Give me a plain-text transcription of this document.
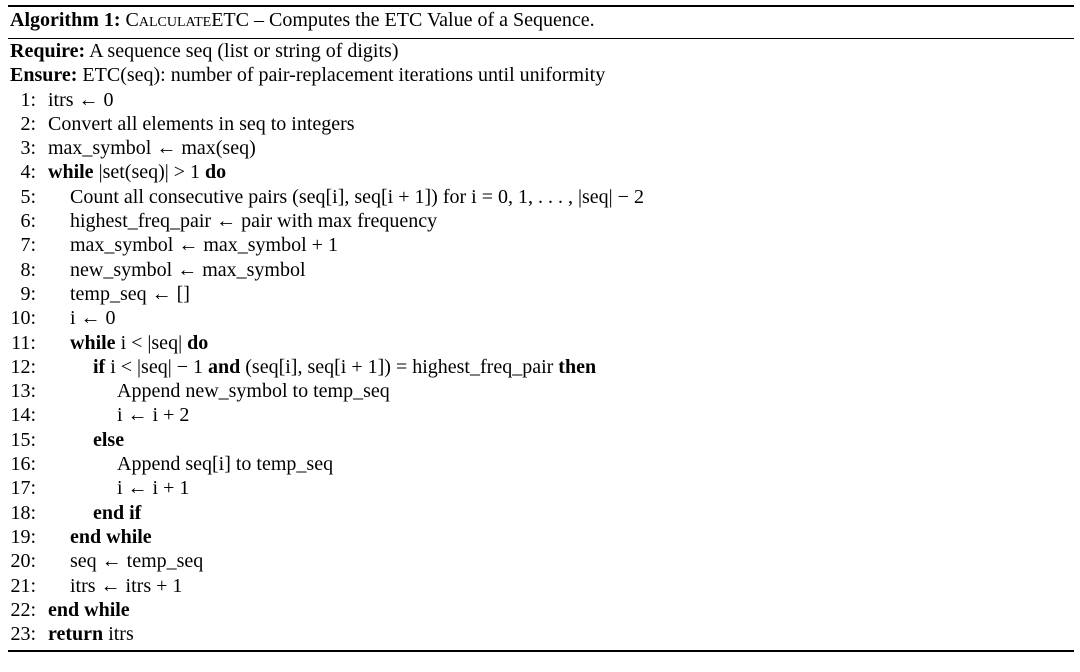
Algorithm 1: CalculateETC – Computes the ETC Value of a Sequence.
Require: A sequence seq (list or string of digits)
Ensure: ETC(seq): number of pair-replacement iterations until uniformity
1: itrs ← 0
2: Convert all elements in seq to integers
3: max_symbol ← max(seq)
4: while |set(seq)| > 1 do
5: Count all consecutive pairs (seq[i], seq[i + 1]) for i = 0, 1, . . . , |seq| − 2
6: highest_freq_pair ← pair with max frequency
7: max_symbol ← max_symbol + 1
8: new_symbol ← max_symbol
9: temp_seq ← []
10: i ← 0
11: while i < |seq| do
12:	if i < |seq| − 1 and (seq[i], seq[i + 1]) = highest_freq_pair then
13:	Append new_symbol to temp_seq
14:	i ← i + 2
15:	else
16:	Append seq[i] to temp_seq
17:	i ← i + 1
18:	end if
19: end while
20: seq ← temp_seq
21: itrs ← itrs + 1
22: end while
23: return itrs
